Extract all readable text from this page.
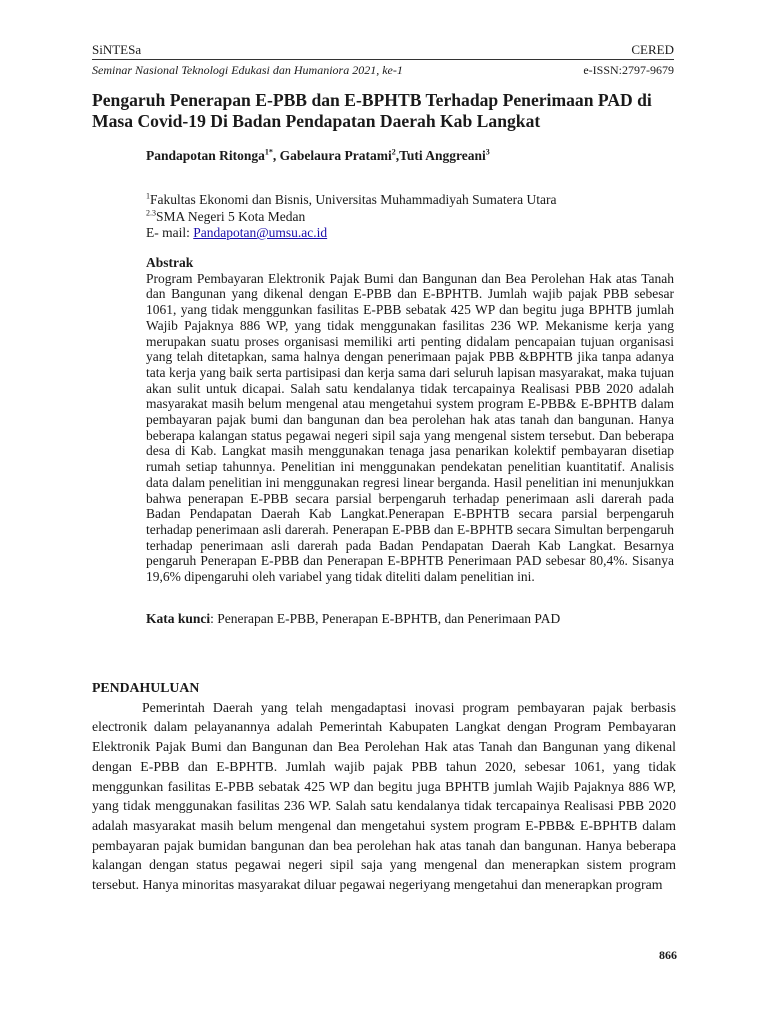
SiNTESa	CERED
Seminar Nasional Teknologi Edukasi dan Humaniora 2021, ke-1	e-ISSN:2797-9679
Pengaruh Penerapan E-PBB dan E-BPHTB Terhadap Penerimaan PAD di Masa Covid-19 Di Badan Pendapatan Daerah Kab Langkat
Pandapotan Ritonga$^{1*}$, Gabelaura Pratami$^2$,Tuti Anggreani$^3$
$^1$Fakultas Ekonomi dan Bisnis, Universitas Muhammadiyah Sumatera Utara
$^{2.3}$SMA Negeri 5 Kota Medan
E- mail: Pandapotan@umsu.ac.id
Abstrak
Program Pembayaran Elektronik Pajak Bumi dan Bangunan dan Bea Perolehan Hak atas Tanah dan Bangunan yang dikenal dengan E-PBB dan E-BPHTB. Jumlah wajib pajak PBB sebesar 1061, yang tidak menggunkan fasilitas E-PBB sebatak 425 WP dan begitu juga BPHTB jumlah Wajib Pajaknya 886 WP, yang tidak menggunakan fasilitas 236 WP. Mekanisme kerja yang merupakan suatu proses organisasi memiliki arti penting didalam pencapaian tujuan organisasi yang telah ditetapkan, sama halnya dengan penerimaan pajak PBB &BPHTB jika tanpa adanya tata kerja yang baik serta partisipasi dan kerja sama dari seluruh lapisan masyarakat, maka tujuan akan sulit untuk dicapai. Salah satu kendalanya tidak tercapainya Realisasi PBB 2020 adalah masyarakat masih belum mengenal atau mengetahui system program E-PBB& E-BPHTB dalam pembayaran pajak bumi dan bangunan dan bea perolehan hak atas tanah dan bangunan. Hanya beberapa kalangan status pegawai negeri sipil saja yang mengenal sistem tersebut. Dan beberapa desa di Kab. Langkat masih menggunakan tenaga jasa penarikan kolektif pembayaran disetiap rumah setiap tahunnya. Penelitian ini menggunakan pendekatan penelitian kuantitatif. Analisis data dalam penelitian ini menggunakan regresi linear berganda. Hasil penelitian ini menunjukkan bahwa penerapan E-PBB secara parsial berpengaruh terhadap penerimaan asli darerah pada Badan Pendapatan Daerah Kab Langkat.Penerapan E-BPHTB secara parsial berpengaruh terhadap penerimaan asli darerah. Penerapan E-PBB dan E-BPHTB secara Simultan berpengaruh terhadap penerimaan asli darerah pada Badan Pendapatan Daerah Kab Langkat. Besarnya pengaruh Penerapan E-PBB dan Penerapan E-BPHTB Penerimaan PAD sebesar 80,4%. Sisanya 19,6% dipengaruhi oleh variabel yang tidak diteliti dalam penelitian ini.
Kata kunci: Penerapan E-PBB, Penerapan E-BPHTB, dan Penerimaan PAD
PENDAHULUAN
Pemerintah Daerah yang telah mengadaptasi inovasi program pembayaran pajak berbasis electronik dalam pelayanannya adalah Pemerintah Kabupaten Langkat dengan Program Pembayaran Elektronik Pajak Bumi dan Bangunan dan Bea Perolehan Hak atas Tanah dan Bangunan yang dikenal dengan E-PBB dan E-BPHTB. Jumlah wajib pajak PBB tahun 2020, sebesar 1061, yang tidak menggunkan fasilitas E-PBB sebatak 425 WP dan begitu juga BPHTB jumlah Wajib Pajaknya 886 WP, yang tidak menggunakan fasilitas 236 WP. Salah satu kendalanya tidak tercapainya Realisasi PBB 2020 adalah masyarakat masih belum mengenal dan mengetahui system program E-PBB& E-BPHTB dalam pembayaran pajak bumidan bangunan dan bea perolehan hak atas tanah dan bangunan. Hanya beberapa kalangan dengan status pegawai negeri sipil saja yang mengenal dan menerapkan sistem program tersebut. Hanya minoritas masyarakat diluar pegawai negeriyang mengetahui dan menerapkan program
866
